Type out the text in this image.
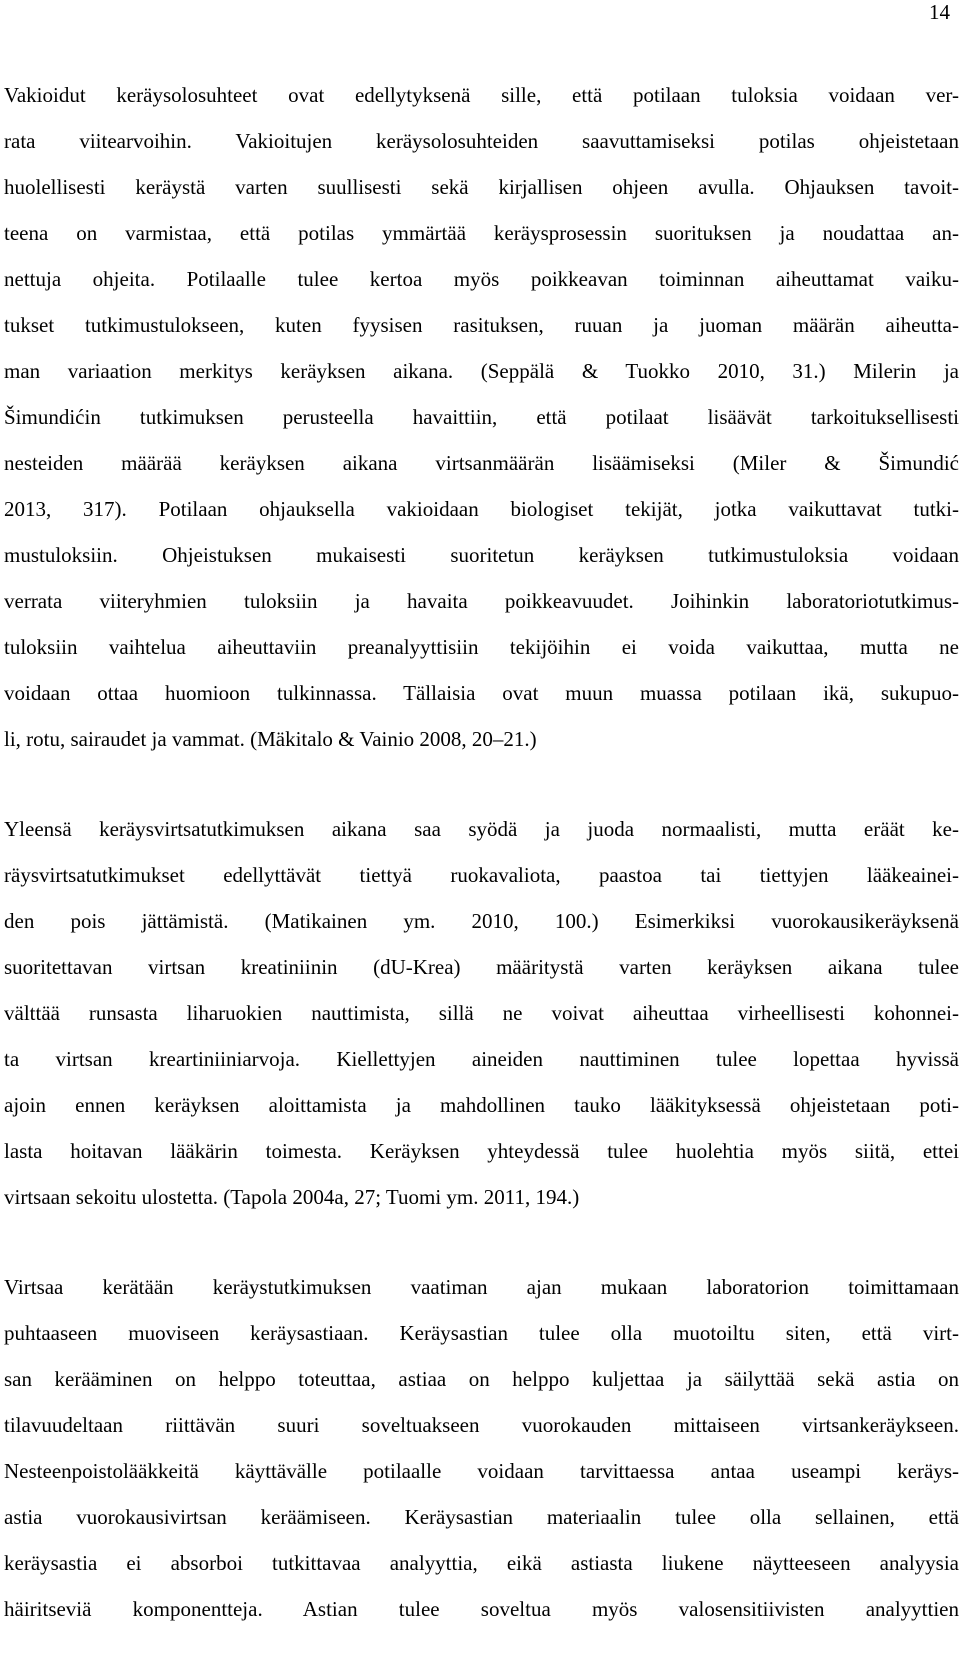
14
Vakioidut keräysolosuhteet ovat edellytyksenä sille, että potilaan tuloksia voidaan ver-
rata viitearvoihin. Vakioitujen keräysolosuhteiden saavuttamiseksi potilas ohjeistetaan
huolellisesti keräystä varten suullisesti sekä kirjallisen ohjeen avulla. Ohjauksen tavoit-
teena on varmistaa, että potilas ymmärtää keräysprosessin suorituksen ja noudattaa an-
nettuja ohjeita. Potilaalle tulee kertoa myös poikkeavan toiminnan aiheuttamat vaiku-
tukset tutkimustulokseen, kuten fyysisen rasituksen, ruuan ja juoman määrän aiheutta-
man variaation merkitys keräyksen aikana. (Seppälä & Tuokko 2010, 31.) Milerin ja
Šimundićin tutkimuksen perusteella havaittiin, että potilaat lisäävät tarkoituksellisesti
nesteiden määrää keräyksen aikana virtsanmäärän lisäämiseksi (Miler & Šimundić
2013, 317). Potilaan ohjauksella vakioidaan biologiset tekijät, jotka vaikuttavat tutki-
mustuloksiin. Ohjeistuksen mukaisesti suoritetun keräyksen tutkimustuloksia voidaan
verrata viiteryhmien tuloksiin ja havaita poikkeavuudet. Joihinkin laboratoriotutkimus-
tuloksiin vaihtelua aiheuttaviin preanalyyttisiin tekijöihin ei voida vaikuttaa, mutta ne
voidaan ottaa huomioon tulkinnassa. Tällaisia ovat muun muassa potilaan ikä, sukupuo-
li, rotu, sairaudet ja vammat. (Mäkitalo & Vainio 2008, 20–21.)
Yleensä keräysvirtsatutkimuksen aikana saa syödä ja juoda normaalisti, mutta eräät ke-
räysvirtsatutkimukset edellyttävät tiettyä ruokavaliota, paastoa tai tiettyjen lääkeainei-
den pois jättämistä. (Matikainen ym. 2010, 100.) Esimerkiksi vuorokausikeräyksenä
suoritettavan virtsan kreatiniinin (dU-Krea) määritystä varten keräyksen aikana tulee
välttää runsasta liharuokien nauttimista, sillä ne voivat aiheuttaa virheellisesti kohonnei-
ta virtsan kreartiniiniarvoja. Kiellettyjen aineiden nauttiminen tulee lopettaa hyvissä
ajoin ennen keräyksen aloittamista ja mahdollinen tauko lääkityksessä ohjeistetaan poti-
lasta hoitavan lääkärin toimesta. Keräyksen yhteydessä tulee huolehtia myös siitä, ettei
virtsaan sekoitu ulostetta. (Tapola 2004a, 27; Tuomi ym. 2011, 194.)
Virtsaa kerätään keräystutkimuksen vaatiman ajan mukaan laboratorion toimittamaan
puhtaaseen muoviseen keräysastiaan. Keräysastian tulee olla muotoiltu siten, että virt-
san kerääminen on helppo toteuttaa, astiaa on helppo kuljettaa ja säilyttää sekä astia on
tilavuudeltaan riittävän suuri soveltuakseen vuorokauden mittaiseen virtsankeräykseen.
Nesteenpoistolääkkeitä käyttävälle potilaalle voidaan tarvittaessa antaa useampi keräys-
astia vuorokausivirtsan keräämiseen. Keräysastian materiaalin tulee olla sellainen, että
keräysastia ei absorboi tutkittavaa analyyttia, eikä astiasta liukene näytteeseen analyysia
häiritseviä komponentteja. Astian tulee soveltua myös valosensitiivisten analyyttien
